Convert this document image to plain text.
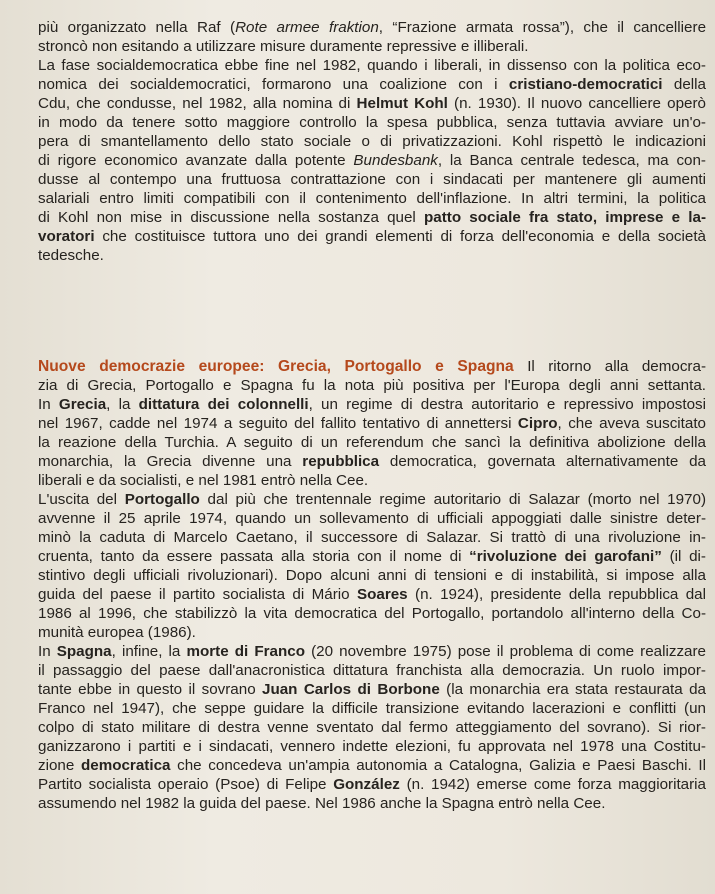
più organizzato nella Raf (Rote armee fraktion, “Frazione armata rossa”), che il cancelliere
stroncò non esitando a utilizzare misure duramente repressive e illiberali.
La fase socialdemocratica ebbe fine nel 1982, quando i liberali, in dissenso con la politica eco-
nomica dei socialdemocratici, formarono una coalizione con i cristiano-democratici della
Cdu, che condusse, nel 1982, alla nomina di Helmut Kohl (n. 1930). Il nuovo cancelliere operò
in modo da tenere sotto maggiore controllo la spesa pubblica, senza tuttavia avviare un'o-
pera di smantellamento dello stato sociale o di privatizzazioni. Kohl rispettò le indicazioni
di rigore economico avanzate dalla potente Bundesbank, la Banca centrale tedesca, ma con-
dusse al contempo una fruttuosa contrattazione con i sindacati per mantenere gli aumenti
salariali entro limiti compatibili con il contenimento dell'inflazione. In altri termini, la politica
di Kohl non mise in discussione nella sostanza quel patto sociale fra stato, imprese e la-
voratori che costituisce tuttora uno dei grandi elementi di forza dell'economia e della società
tedesche.
Nuove democrazie europee: Grecia, Portogallo e Spagna Il ritorno alla democra-
zia di Grecia, Portogallo e Spagna fu la nota più positiva per l'Europa degli anni settanta.
In Grecia, la dittatura dei colonnelli, un regime di destra autoritario e repressivo impostosi
nel 1967, cadde nel 1974 a seguito del fallito tentativo di annettersi Cipro, che aveva suscitato
la reazione della Turchia. A seguito di un referendum che sancì la definitiva abolizione della
monarchia, la Grecia divenne una repubblica democratica, governata alternativamente da
liberali e da socialisti, e nel 1981 entrò nella Cee.
L'uscita del Portogallo dal più che trentennale regime autoritario di Salazar (morto nel 1970)
avvenne il 25 aprile 1974, quando un sollevamento di ufficiali appoggiati dalle sinistre deter-
minò la caduta di Marcelo Caetano, il successore di Salazar. Si trattò di una rivoluzione in-
cruenta, tanto da essere passata alla storia con il nome di “rivoluzione dei garofani” (il di-
stintivo degli ufficiali rivoluzionari). Dopo alcuni anni di tensioni e di instabilità, si impose alla
guida del paese il partito socialista di Mário Soares (n. 1924), presidente della repubblica dal
1986 al 1996, che stabilizzò la vita democratica del Portogallo, portandolo all'interno della Co-
munità europea (1986).
In Spagna, infine, la morte di Franco (20 novembre 1975) pose il problema di come realizzare
il passaggio del paese dall'anacronistica dittatura franchista alla democrazia. Un ruolo impor-
tante ebbe in questo il sovrano Juan Carlos di Borbone (la monarchia era stata restaurata da
Franco nel 1947), che seppe guidare la difficile transizione evitando lacerazioni e conflitti (un
colpo di stato militare di destra venne sventato dal fermo atteggiamento del sovrano). Si rior-
ganizzarono i partiti e i sindacati, vennero indette elezioni, fu approvata nel 1978 una Costitu-
zione democratica che concedeva un'ampia autonomia a Catalogna, Galizia e Paesi Baschi. Il
Partito socialista operaio (Psoe) di Felipe González (n. 1942) emerse come forza maggioritaria
assumendo nel 1982 la guida del paese. Nel 1986 anche la Spagna entrò nella Cee.
